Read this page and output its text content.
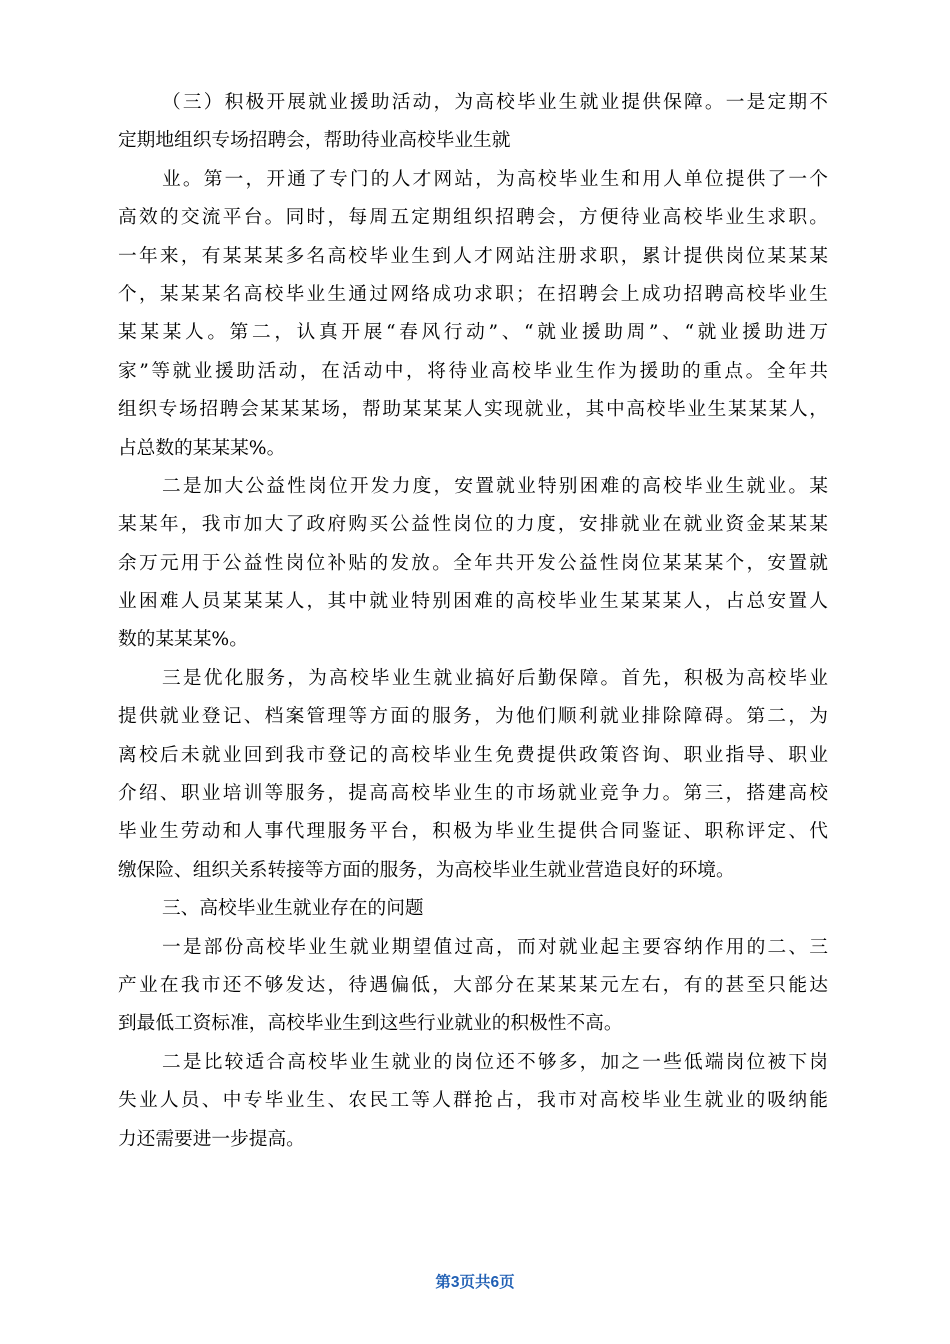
（三）积极开展就业援助活动，为高校毕业生就业提供保障。一是定期不
定期地组织专场招聘会，帮助待业高校毕业生就
业。第一，开通了专门的人才网站，为高校毕业生和用人单位提供了一个
高效的交流平台。同时，每周五定期组织招聘会，方便待业高校毕业生求职。
一年来，有某某某多名高校毕业生到人才网站注册求职，累计提供岗位某某某
个，某某某名高校毕业生通过网络成功求职；在招聘会上成功招聘高校毕业生
某某某人。第二，认真开展“春风行动”、“就业援助周”、“就业援助进万
家”等就业援助活动，在活动中，将待业高校毕业生作为援助的重点。全年共
组织专场招聘会某某某场，帮助某某某人实现就业，其中高校毕业生某某某人，
占总数的某某某%。
二是加大公益性岗位开发力度，安置就业特别困难的高校毕业生就业。某
某某年，我市加大了政府购买公益性岗位的力度，安排就业在就业资金某某某
余万元用于公益性岗位补贴的发放。全年共开发公益性岗位某某某个，安置就
业困难人员某某某人，其中就业特别困难的高校毕业生某某某人，占总安置人
数的某某某%。
三是优化服务，为高校毕业生就业搞好后勤保障。首先，积极为高校毕业
提供就业登记、档案管理等方面的服务，为他们顺利就业排除障碍。第二，为
离校后未就业回到我市登记的高校毕业生免费提供政策咨询、职业指导、职业
介绍、职业培训等服务，提高高校毕业生的市场就业竞争力。第三，搭建高校
毕业生劳动和人事代理服务平台，积极为毕业生提供合同鉴证、职称评定、代
缴保险、组织关系转接等方面的服务，为高校毕业生就业营造良好的环境。
三、高校毕业生就业存在的问题
一是部份高校毕业生就业期望值过高，而对就业起主要容纳作用的二、三
产业在我市还不够发达，待遇偏低，大部分在某某某元左右，有的甚至只能达
到最低工资标准，高校毕业生到这些行业就业的积极性不高。
二是比较适合高校毕业生就业的岗位还不够多，加之一些低端岗位被下岗
失业人员、中专毕业生、农民工等人群抢占，我市对高校毕业生就业的吸纳能
力还需要进一步提高。
第3页共6页
